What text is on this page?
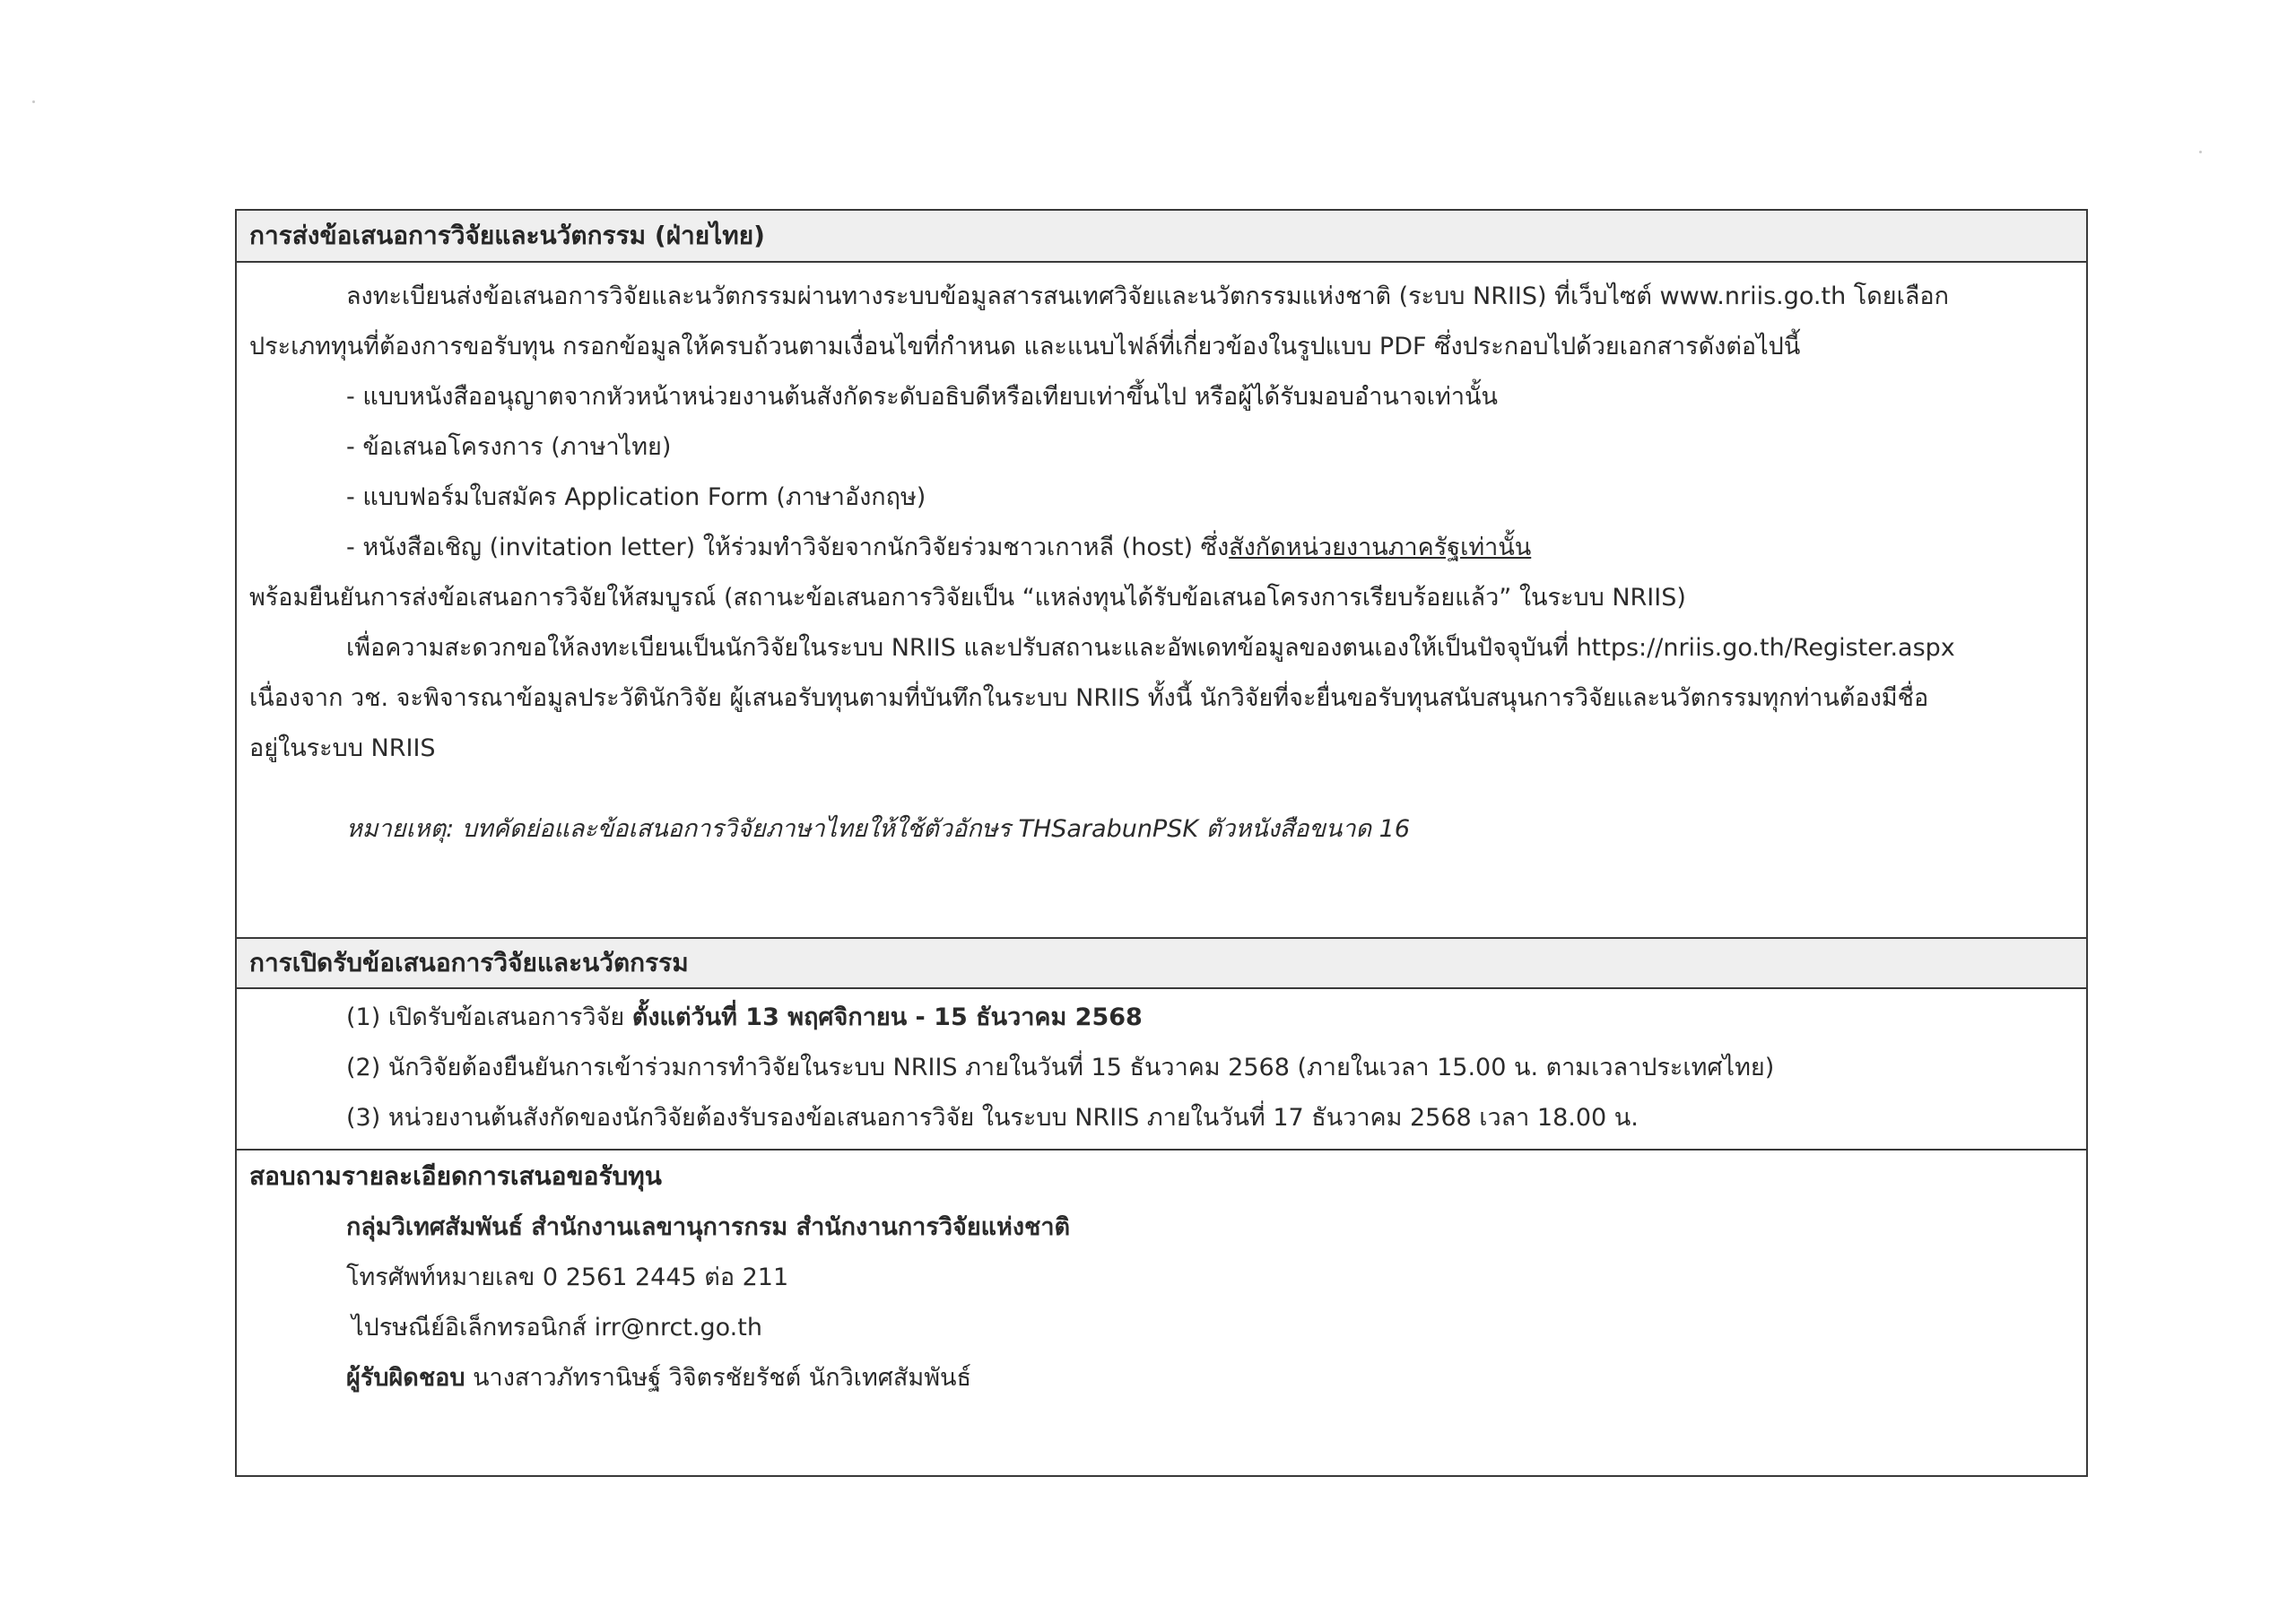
การส่งข้อเสนอการวิจัยและนวัตกรรม (ฝ่ายไทย)
ลงทะเบียนส่งข้อเสนอการวิจัยและนวัตกรรมผ่านทางระบบข้อมูลสารสนเทศวิจัยและนวัตกรรมแห่งชาติ (ระบบ NRIIS) ที่เว็บไซต์ www.nriis.go.th โดยเลือก
ประเภททุนที่ต้องการขอรับทุน กรอกข้อมูลให้ครบถ้วนตามเงื่อนไขที่กำหนด และแนบไฟล์ที่เกี่ยวข้องในรูปแบบ PDF ซึ่งประกอบไปด้วยเอกสารดังต่อไปนี้
- แบบหนังสืออนุญาตจากหัวหน้าหน่วยงานต้นสังกัดระดับอธิบดีหรือเทียบเท่าขึ้นไป หรือผู้ได้รับมอบอำนาจเท่านั้น
- ข้อเสนอโครงการ (ภาษาไทย)
- แบบฟอร์มใบสมัคร Application Form (ภาษาอังกฤษ)
- หนังสือเชิญ (invitation letter) ให้ร่วมทำวิจัยจากนักวิจัยร่วมชาวเกาหลี (host) ซึ่งสังกัดหน่วยงานภาครัฐเท่านั้น
พร้อมยืนยันการส่งข้อเสนอการวิจัยให้สมบูรณ์ (สถานะข้อเสนอการวิจัยเป็น “แหล่งทุนได้รับข้อเสนอโครงการเรียบร้อยแล้ว” ในระบบ NRIIS)
เพื่อความสะดวกขอให้ลงทะเบียนเป็นนักวิจัยในระบบ NRIIS และปรับสถานะและอัพเดทข้อมูลของตนเองให้เป็นปัจจุบันที่ https://nriis.go.th/Register.aspx
เนื่องจาก วช. จะพิจารณาข้อมูลประวัตินักวิจัย ผู้เสนอรับทุนตามที่บันทึกในระบบ NRIIS ทั้งนี้ นักวิจัยที่จะยื่นขอรับทุนสนับสนุนการวิจัยและนวัตกรรมทุกท่านต้องมีชื่อ
อยู่ในระบบ NRIIS
หมายเหตุ: บทคัดย่อและข้อเสนอการวิจัยภาษาไทยให้ใช้ตัวอักษร THSarabunPSK ตัวหนังสือขนาด 16
การเปิดรับข้อเสนอการวิจัยและนวัตกรรม
(1) เปิดรับข้อเสนอการวิจัย ตั้งแต่วันที่ 13 พฤศจิกายน - 15 ธันวาคม 2568
(2) นักวิจัยต้องยืนยันการเข้าร่วมการทำวิจัยในระบบ NRIIS ภายในวันที่ 15 ธันวาคม 2568 (ภายในเวลา 15.00 น. ตามเวลาประเทศไทย)
(3) หน่วยงานต้นสังกัดของนักวิจัยต้องรับรองข้อเสนอการวิจัย ในระบบ NRIIS ภายในวันที่ 17 ธันวาคม 2568 เวลา 18.00 น.
สอบถามรายละเอียดการเสนอขอรับทุน
กลุ่มวิเทศสัมพันธ์ สำนักงานเลขานุการกรม สำนักงานการวิจัยแห่งชาติ
โทรศัพท์หมายเลข 0 2561 2445 ต่อ 211
ไปรษณีย์อิเล็กทรอนิกส์ irr@nrct.go.th
ผู้รับผิดชอบ นางสาวภัทรานิษฐ์ วิจิตรชัยรัชต์ นักวิเทศสัมพันธ์
